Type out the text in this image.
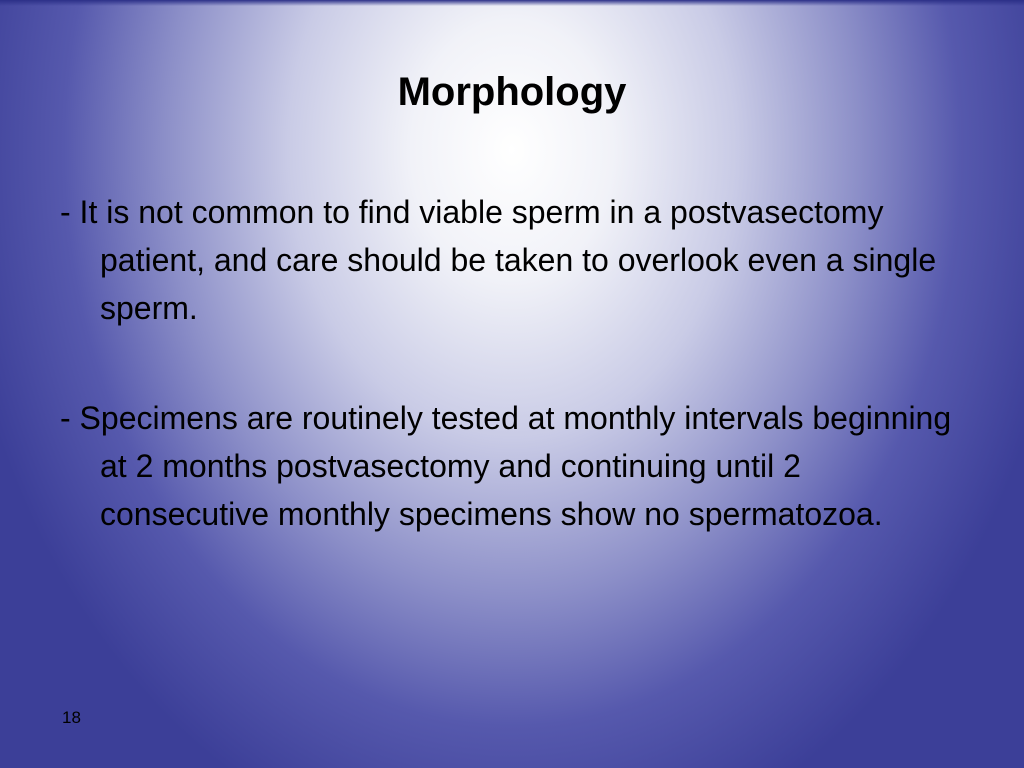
Morphology

- It is not common to find viable sperm in a postvasectomy patient, and care should be taken to overlook even a single sperm.

- Specimens are routinely tested at monthly intervals beginning at 2 months postvasectomy and continuing until 2 consecutive monthly specimens show no spermatozoa.

18
